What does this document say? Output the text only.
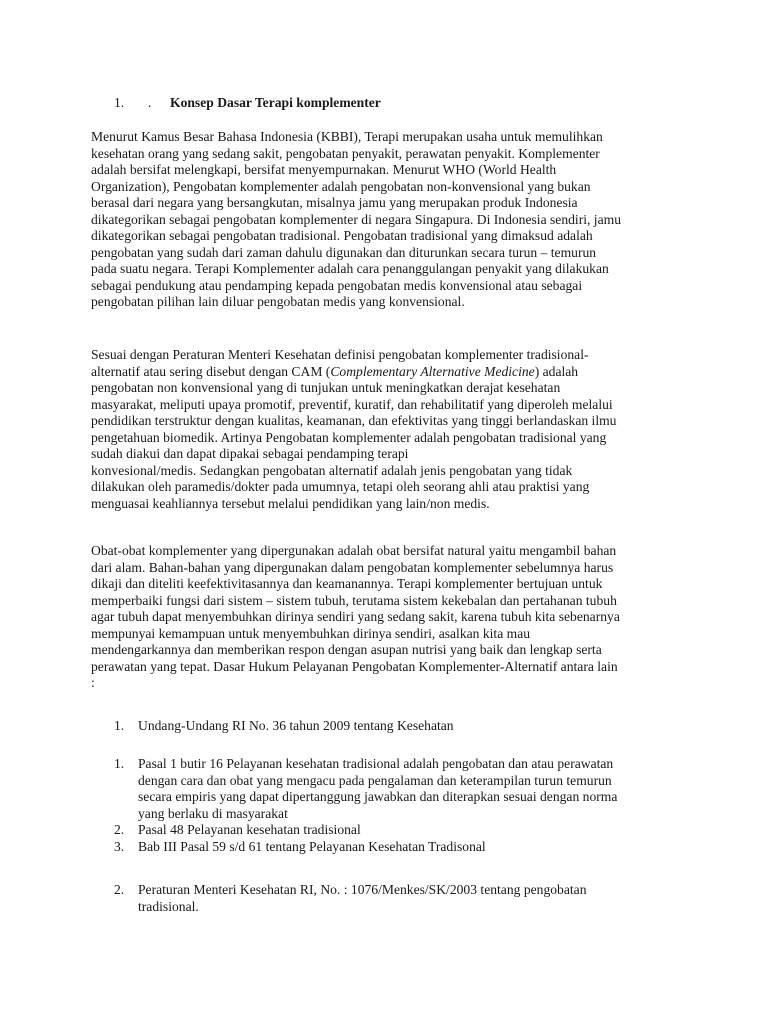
1. . Konsep Dasar Terapi komplementer

Menurut Kamus Besar Bahasa Indonesia (KBBI), Terapi merupakan usaha untuk memulihkan

kesehatan orang yang sedang sakit, pengobatan penyakit, perawatan penyakit. Komplementer

adalah bersifat melengkapi, bersifat menyempurnakan. Menurut WHO (World Health

Organization), Pengobatan komplementer adalah pengobatan non-konvensional yang bukan

berasal dari negara yang bersangkutan, misalnya jamu yang merupakan produk Indonesia

dikategorikan sebagai pengobatan komplementer di negara Singapura. Di Indonesia sendiri, jamu

dikategorikan sebagai pengobatan tradisional. Pengobatan tradisional yang dimaksud adalah

pengobatan yang sudah dari zaman dahulu digunakan dan diturunkan secara turun – temurun

pada suatu negara. Terapi Komplementer adalah cara penanggulangan penyakit yang dilakukan

sebagai pendukung atau pendamping kepada pengobatan medis konvensional atau sebagai

pengobatan pilihan lain diluar pengobatan medis yang konvensional.

Sesuai dengan Peraturan Menteri Kesehatan definisi pengobatan komplementer tradisional-

alternatif atau sering disebut dengan CAM (Complementary Alternative Medicine) adalah

pengobatan non konvensional yang di tunjukan untuk meningkatkan derajat kesehatan

masyarakat, meliputi upaya promotif, preventif, kuratif, dan rehabilitatif yang diperoleh melalui

pendidikan terstruktur dengan kualitas, keamanan, dan efektivitas yang tinggi berlandaskan ilmu

pengetahuan biomedik. Artinya Pengobatan komplementer adalah pengobatan tradisional yang

sudah diakui dan dapat dipakai sebagai pendamping terapi

konvesional/medis. Sedangkan pengobatan alternatif adalah jenis pengobatan yang tidak

dilakukan oleh paramedis/dokter pada umumnya, tetapi oleh seorang ahli atau praktisi yang

menguasai keahliannya tersebut melalui pendidikan yang lain/non medis.

Obat-obat komplementer yang dipergunakan adalah obat bersifat natural yaitu mengambil bahan

dari alam. Bahan-bahan yang dipergunakan dalam pengobatan komplementer sebelumnya harus

dikaji dan diteliti keefektivitasannya dan keamanannya. Terapi komplementer bertujuan untuk

memperbaiki fungsi dari sistem – sistem tubuh, terutama sistem kekebalan dan pertahanan tubuh

agar tubuh dapat menyembuhkan dirinya sendiri yang sedang sakit, karena tubuh kita sebenarnya

mempunyai kemampuan untuk menyembuhkan dirinya sendiri, asalkan kita mau

mendengarkannya dan memberikan respon dengan asupan nutrisi yang baik dan lengkap serta

perawatan yang tepat. Dasar Hukum Pelayanan Pengobatan Komplementer-Alternatif antara lain

:

1. Undang-Undang RI No. 36 tahun 2009 tentang Kesehatan

1. Pasal 1 butir 16 Pelayanan kesehatan tradisional adalah pengobatan dan atau perawatan

dengan cara dan obat yang mengacu pada pengalaman dan keterampilan turun temurun

secara empiris yang dapat dipertanggung jawabkan dan diterapkan sesuai dengan norma

yang berlaku di masyarakat

2. Pasal 48 Pelayanan kesehatan tradisional

3. Bab III Pasal 59 s/d 61 tentang Pelayanan Kesehatan Tradisonal

2. Peraturan Menteri Kesehatan RI, No. : 1076/Menkes/SK/2003 tentang pengobatan

tradisional.
